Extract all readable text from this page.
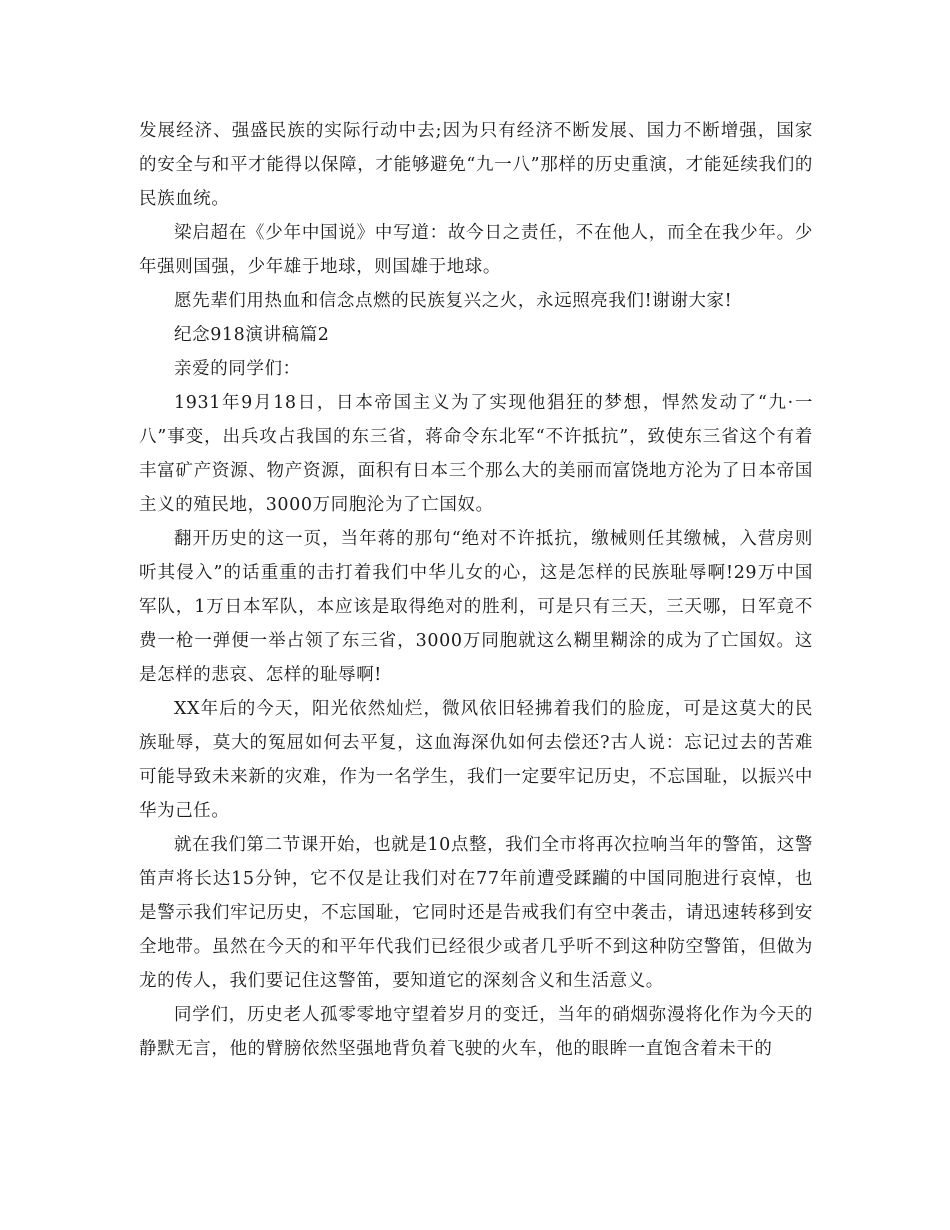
发展经济、强盛民族的实际行动中去;因为只有经济不断发展、国力不断增强，国家的安全与和平才能得以保障，才能够避免“九一八”那样的历史重演，才能延续我们的民族血统。

梁启超在《少年中国说》中写道：故今日之责任，不在他人，而全在我少年。少年强则国强，少年雄于地球，则国雄于地球。

愿先辈们用热血和信念点燃的民族复兴之火，永远照亮我们!谢谢大家!

纪念918演讲稿篇2

亲爱的同学们：

1931年9月18日，日本帝国主义为了实现他猖狂的梦想，悍然发动了“九·一八”事变，出兵攻占我国的东三省，蒋命令东北军“不许抵抗”，致使东三省这个有着丰富矿产资源、物产资源，面积有日本三个那么大的美丽而富饶地方沦为了日本帝国主义的殖民地，3000万同胞沦为了亡国奴。

翻开历史的这一页，当年蒋的那句“绝对不许抵抗，缴械则任其缴械，入营房则听其侵入”的话重重的击打着我们中华儿女的心，这是怎样的民族耻辱啊!29万中国军队，1万日本军队，本应该是取得绝对的胜利，可是只有三天，三天哪，日军竟不费一枪一弹便一举占领了东三省，3000万同胞就这么糊里糊涂的成为了亡国奴。这是怎样的悲哀、怎样的耻辱啊!

XX年后的今天，阳光依然灿烂，微风依旧轻拂着我们的脸庞，可是这莫大的民族耻辱，莫大的冤屈如何去平复，这血海深仇如何去偿还?古人说：忘记过去的苦难可能导致未来新的灾难，作为一名学生，我们一定要牢记历史，不忘国耻，以振兴中华为己任。

就在我们第二节课开始，也就是10点整，我们全市将再次拉响当年的警笛，这警笛声将长达15分钟，它不仅是让我们对在77年前遭受蹂躏的中国同胞进行哀悼，也是警示我们牢记历史，不忘国耻，它同时还是告戒我们有空中袭击，请迅速转移到安全地带。虽然在今天的和平年代我们已经很少或者几乎听不到这种防空警笛，但做为龙的传人，我们要记住这警笛，要知道它的深刻含义和生活意义。

同学们，历史老人孤零零地守望着岁月的变迁，当年的硝烟弥漫将化作为今天的静默无言，他的臂膀依然坚强地背负着飞驶的火车，他的眼眸一直饱含着未干的
